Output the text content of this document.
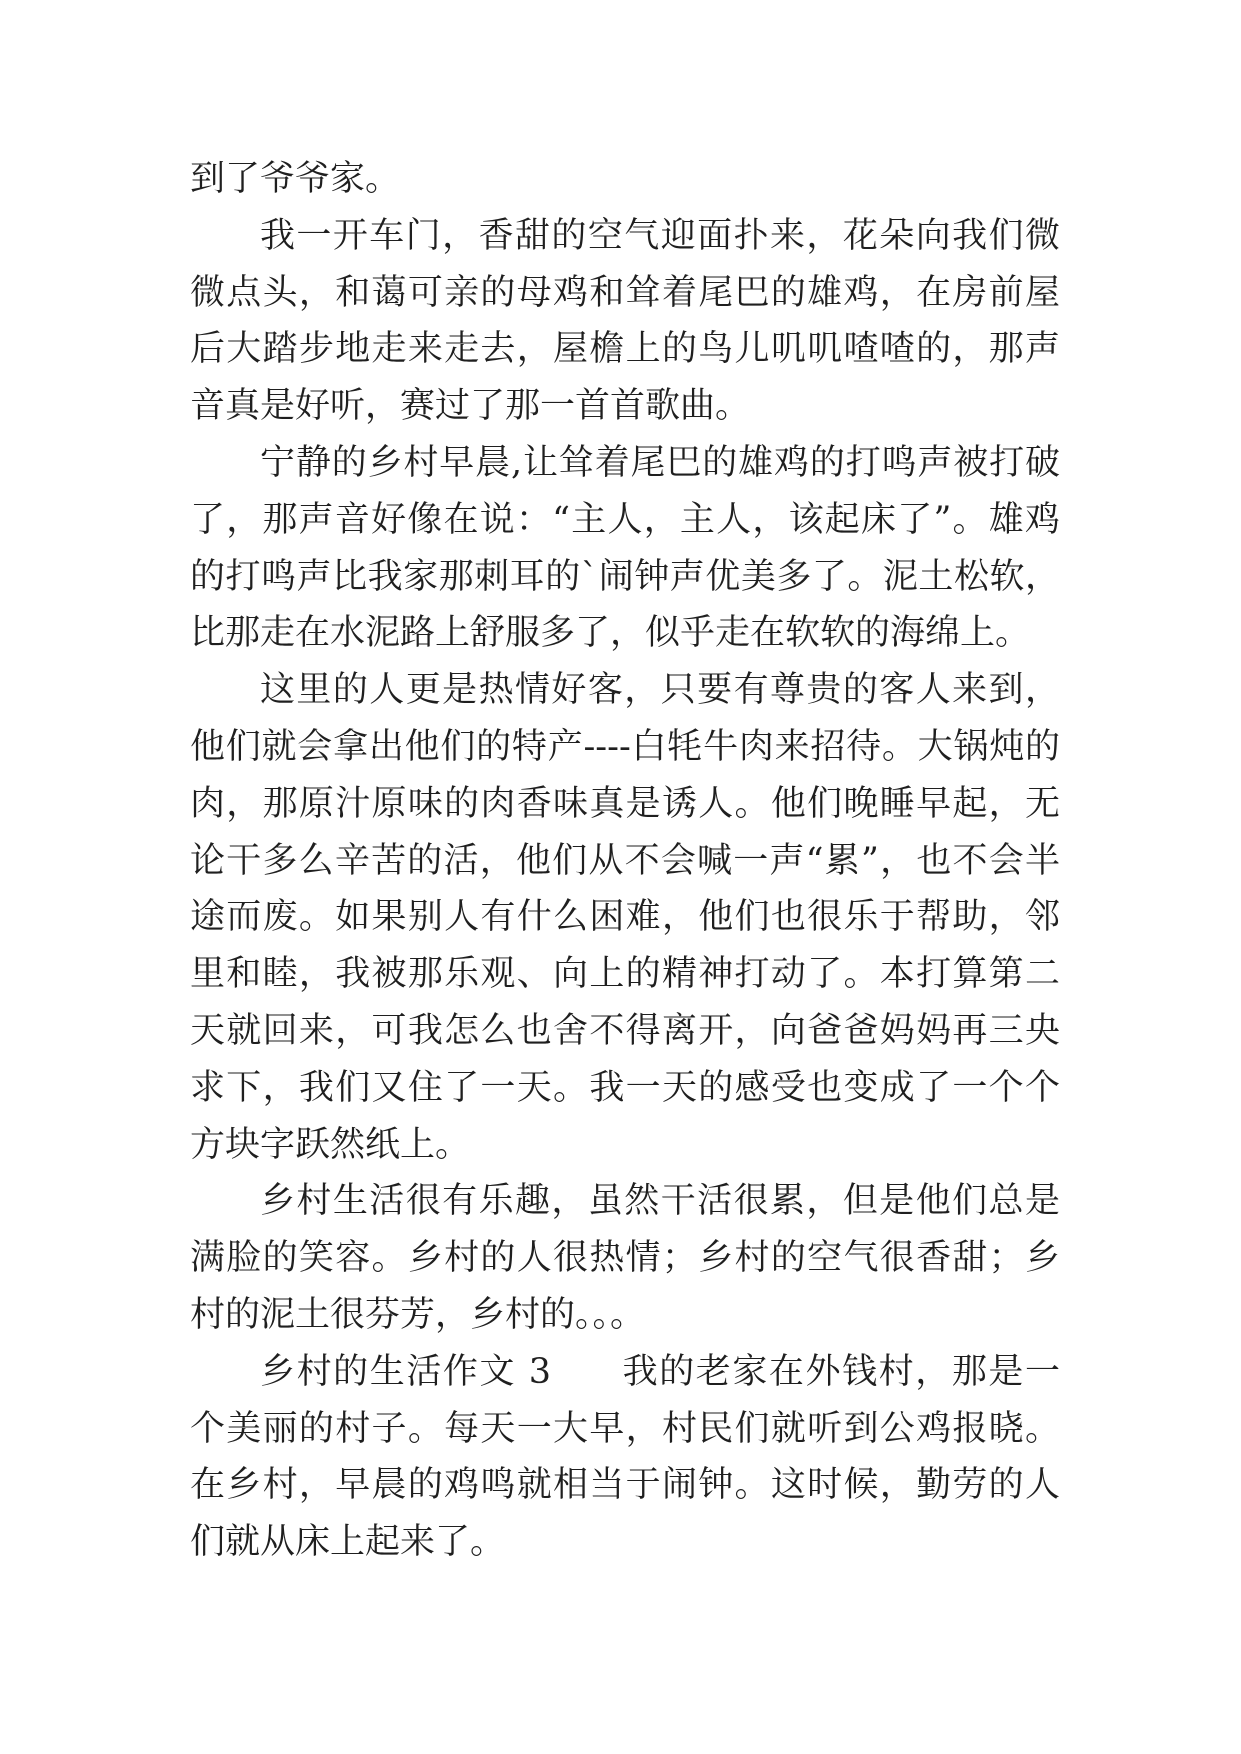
到了爷爷家。

我一开车门，香甜的空气迎面扑来，花朵向我们微微点头，和蔼可亲的母鸡和耸着尾巴的雄鸡，在房前屋后大踏步地走来走去，屋檐上的鸟儿叽叽喳喳的，那声音真是好听，赛过了那一首首歌曲。

宁静的乡村早晨,让耸着尾巴的雄鸡的打鸣声被打破了，那声音好像在说：“主人，主人，该起床了”。雄鸡的打鸣声比我家那刺耳的`闹钟声优美多了。泥土松软，比那走在水泥路上舒服多了，似乎走在软软的海绵上。

这里的人更是热情好客，只要有尊贵的客人来到，他们就会拿出他们的特产----白牦牛肉来招待。大锅炖的肉，那原汁原味的肉香味真是诱人。他们晚睡早起，无论干多么辛苦的活，他们从不会喊一声“累”，也不会半途而废。如果别人有什么困难，他们也很乐于帮助，邻里和睦，我被那乐观、向上的精神打动了。本打算第二天就回来，可我怎么也舍不得离开，向爸爸妈妈再三央求下，我们又住了一天。我一天的感受也变成了一个个方块字跃然纸上。

乡村生活很有乐趣，虽然干活很累，但是他们总是满脸的笑容。乡村的人很热情；乡村的空气很香甜；乡村的泥土很芬芳，乡村的。。。

乡村的生活作文 3 我的老家在外钱村，那是一个美丽的村子。每天一大早，村民们就听到公鸡报晓。在乡村，早晨的鸡鸣就相当于闹钟。这时候，勤劳的人们就从床上起来了。
